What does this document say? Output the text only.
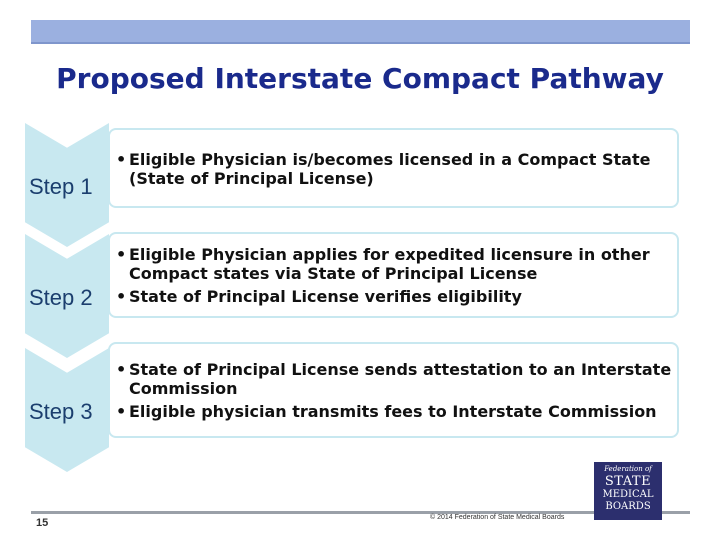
Proposed Interstate Compact Pathway
Step 1
• Eligible Physician is/becomes licensed in a Compact State (State of Principal License)
Step 2
• Eligible Physician applies for expedited licensure in other Compact states via State of Principal License
• State of Principal License verifies eligibility
Step 3
• State of Principal License sends attestation to an Interstate Commission
• Eligible physician transmits fees to Interstate Commission
15	© 2014 Federation of State Medical Boards
Federation of
STATE
MEDICAL
BOARDS
